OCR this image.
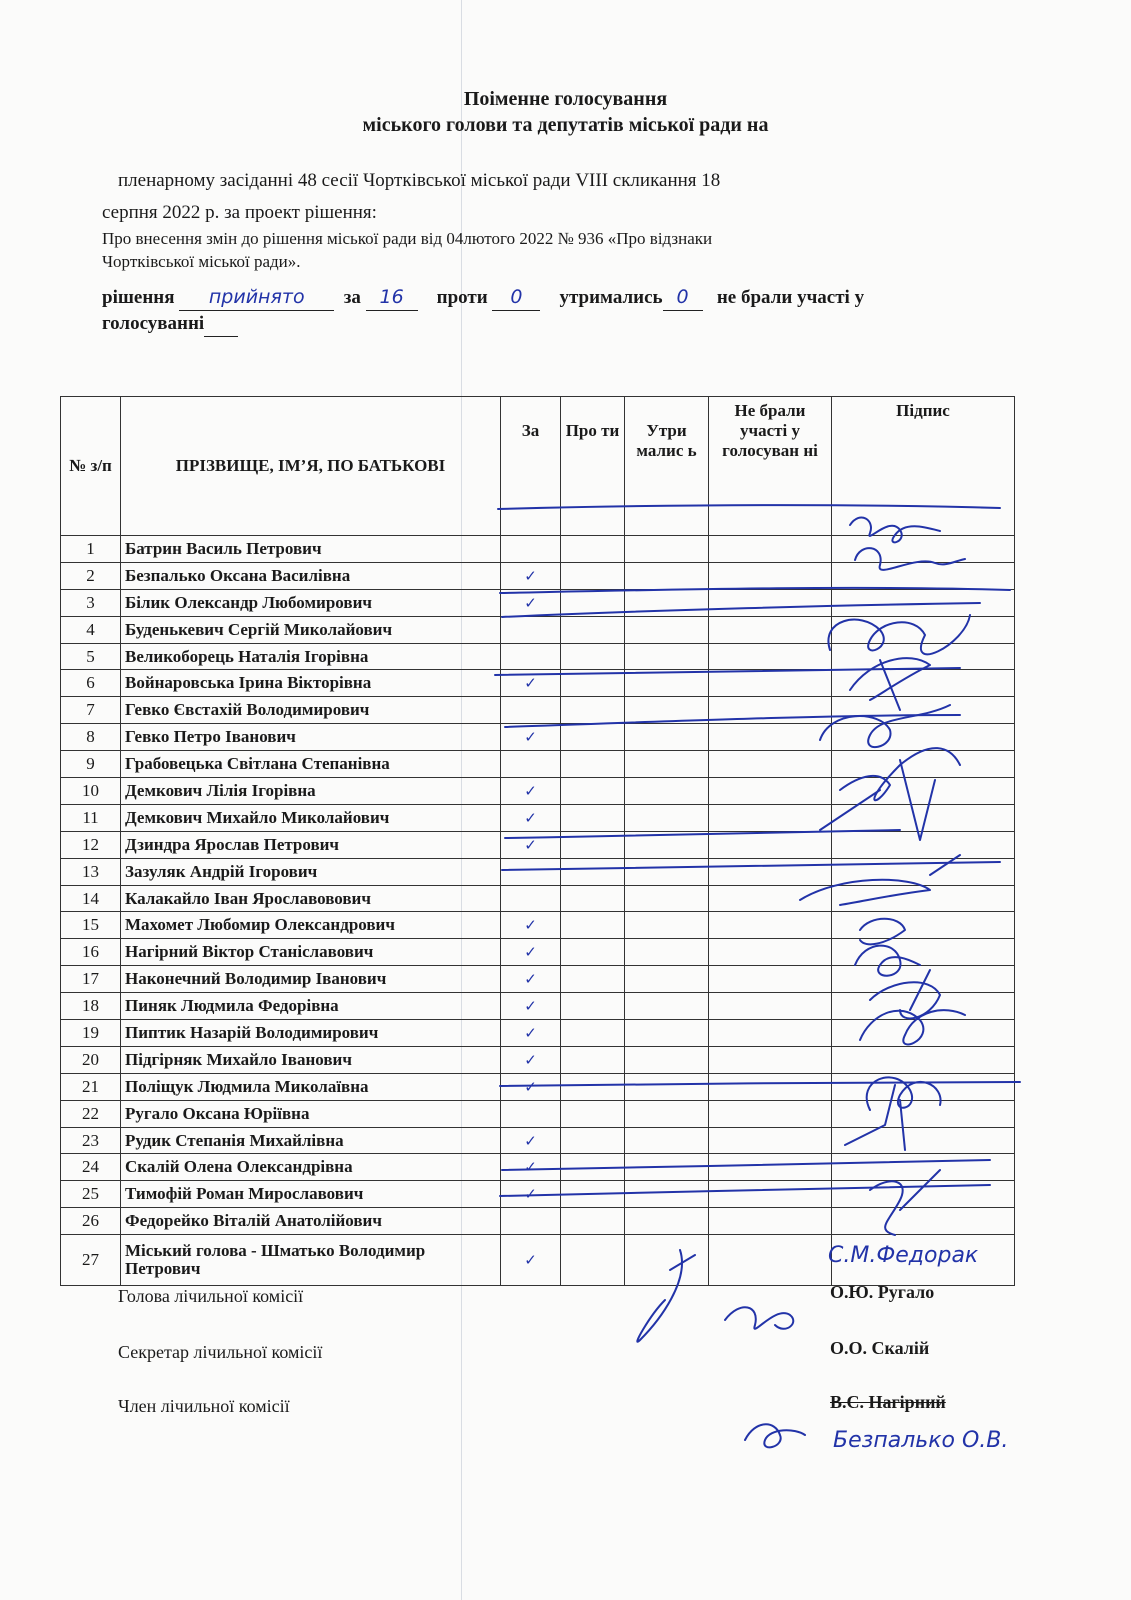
Поіменне голосування
міського голови та депутатів міської ради на
пленарному засіданні 48 сесії Чортківської міської ради VIII скликання 18
серпня 2022 р. за проект рішення:
Про внесення змін до рішення міської ради від 04лютого 2022 № 936 «Про відзнаки
Чортківської міської ради».
рішення прийнято за 16 проти 0 утримались 0 не брали участі у
голосуванні
№ з/п	ПРІЗВИЩЕ, ІМ’Я, ПО БАТЬКОВІ	За	Про ти	Утри малис ь	Не брали участі у голосуван ні	Підпис
1	Батрин Василь Петрович					
2	Безпалько Оксана Василівна	✓				
3	Білик Олександр Любомирович	✓				
4	Буденькевич Сергій Миколайович					
5	Великоборець Наталія Ігорівна					
6	Войнаровська Ірина Вікторівна	✓				
7	Гевко Євстахій Володимирович					
8	Гевко Петро Іванович	✓				
9	Грабовецька Світлана Степанівна					
10	Демкович Лілія Ігорівна	✓				
11	Демкович Михайло Миколайович	✓				
12	Дзиндра Ярослав Петрович	✓				
13	Зазуляк Андрій Ігорович					
14	Калакайло Іван Ярославовович					
15	Махомет Любомир Олександрович	✓				
16	Нагірний Віктор Станіславович	✓				
17	Наконечний Володимир Іванович	✓				
18	Пиняк Людмила Федорівна	✓				
19	Пиптик Назарій Володимирович	✓				
20	Підгірняк Михайло Іванович	✓				
21	Поліщук Людмила Миколаївна	✓				
22	Ругало Оксана Юріївна					
23	Рудик Степанія Михайлівна	✓				
24	Скалій Олена Олександрівна	✓				
25	Тимофій Роман Мирославович	✓				
26	Федорейко Віталій Анатолійович					
27	Міський голова - Шматько Володимир Петрович	✓					С.М.Федорак
Безпалько О.В.
Голова лічильної комісії	О.Ю. Ругало
Секретар лічильної комісії	О.О. Скалій
Член лічильної комісії	В.С. Нагірний
